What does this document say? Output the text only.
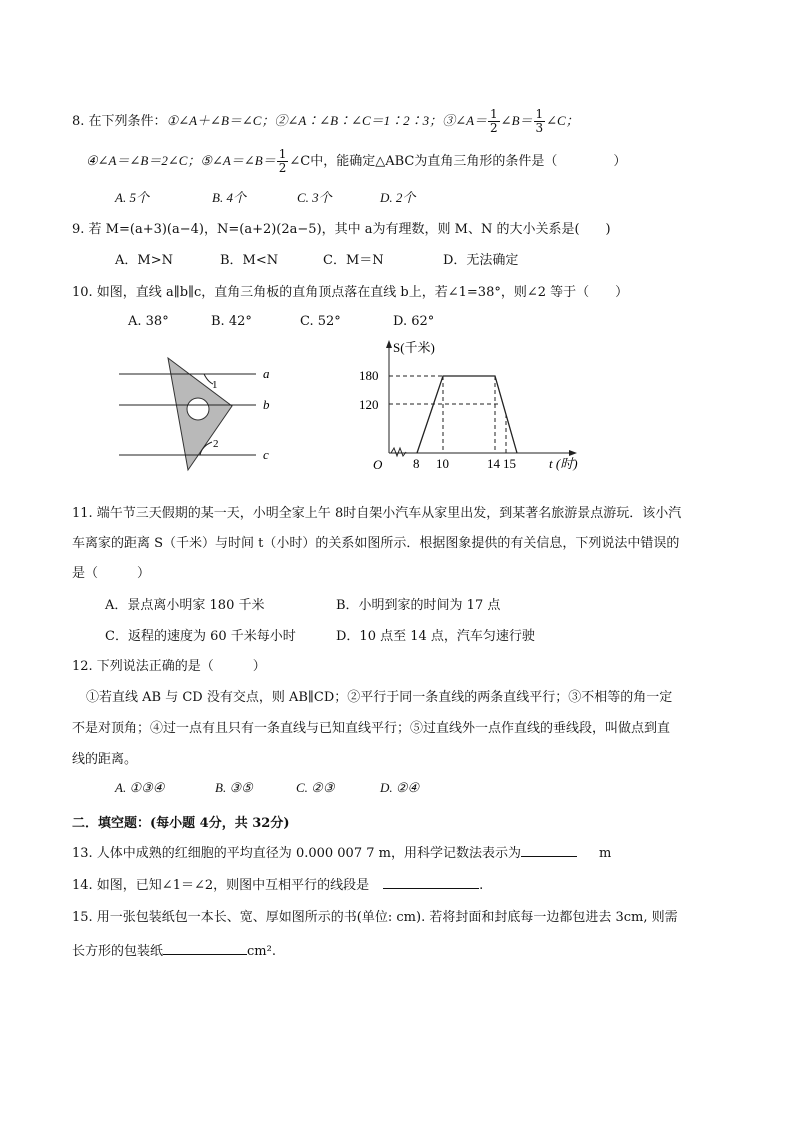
8. 在下列条件：①∠A＋∠B＝∠C；②∠A∶∠B∶∠C＝1∶2∶3；③∠A＝ $\frac{1}{2}$ ∠B＝ $\frac{1}{3}$ ∠C；
④∠A＝∠B＝2∠C；⑤∠A＝∠B＝ $\frac{1}{2}$ ∠C中，能确定△ABC为直角三角形的条件是（	）
A. 5个	B. 4个	C. 3个	D. 2个
9. 若 M=(a+3)(a−4)，N=(a+2)(2a−5)，其中 a为有理数，则 M、N 的大小关系是(　　)
A．M>N	B．M<N	C．M＝N	D．无法确定
10. 如图，直线 a∥b∥c，直角三角板的直角顶点落在直线 b上，若∠1=38°，则∠2 等于（　　）
A. 38°	B. 42°	C. 52°	D. 62°
a
b
c
1
2
S(千米)
180
120
O 8 10	14 15	t (时)
11. 端午节三天假期的某一天，小明全家上午 8时自架小汽车从家里出发，到某著名旅游景点游玩．该小汽
车离家的距离 S（千米）与时间 t（小时）的关系如图所示．根据图象提供的有关信息，下列说法中错误的
是（　　　）
A．景点离小明家 180 千米	B．小明到家的时间为 17 点
C．返程的速度为 60 千米每小时	D．10 点至 14 点，汽车匀速行驶
12. 下列说法正确的是（　　　）
①若直线 AB 与 CD 没有交点，则 AB∥CD；②平行于同一条直线的两条直线平行；③不相等的角一定
不是对顶角；④过一点有且只有一条直线与已知直线平行；⑤过直线外一点作直线的垂线段，叫做点到直
线的距离。
A. ①③④	B. ③⑤	C. ②③	D. ②④
二．填空题：(每小题 4分，共 32分)
13. 人体中成熟的红细胞的平均直径为 0.000 007 7 m，用科学记数法表示为	m
14. 如图，已知∠1＝∠2，则图中互相平行的线段是	.
15. 用一张包装纸包一本长、宽、厚如图所示的书(单位: cm). 若将封面和封底每一边都包进去 3cm, 则需
长方形的包装纸	cm².
